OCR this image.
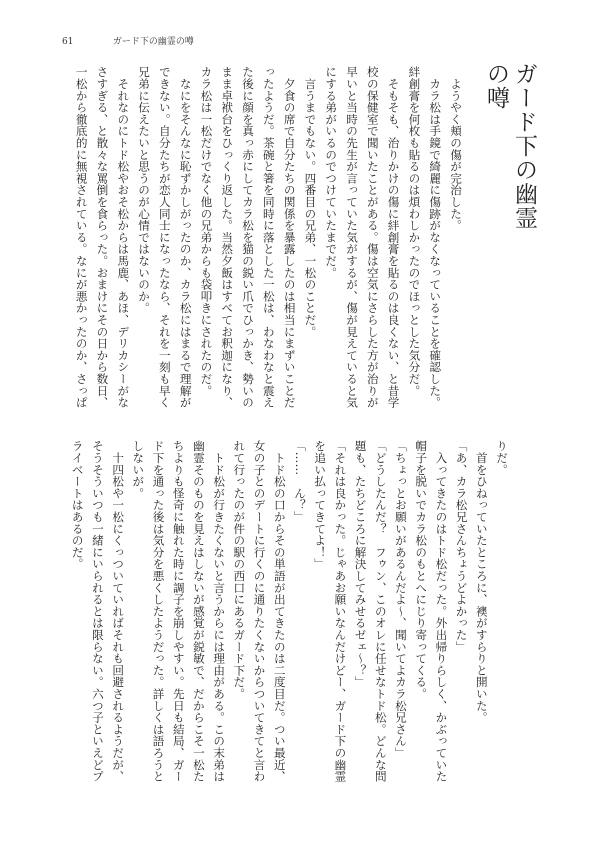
61	ガード下の幽霊の噂
ガード下の幽霊の噂
　ようやく頬の傷が完治した。
　カラ松は手鏡で綺麗に傷跡がなくなっていることを確認した。
絆創膏を何枚も貼るのは煩わしかったのでほっとした気分だ。
　そもそも、治りかけの傷に絆創膏を貼るのは良くない、と昔学
校の保健室で聞いたことがある。傷は空気にさらした方が治りが
早いと当時の先生が言っていた気がするが、傷が見えていると気
にする弟がいるのでつけていたまでだ。
　言うまでもない。四番目の兄弟、一松のことだ。
　夕食の席で自分たちの関係を暴露したのは相当にまずいことだ
ったようだ。茶碗と箸を同時に落とした一松は、わなわなと震え
た後に顔を真っ赤にしてカラ松を猫の鋭い爪でひっかき、勢いの
まま卓袱台をひっくり返した。当然夕飯はすべてお釈迦になり、
カラ松は一松だけでなく他の兄弟からも袋叩きにされたのだ。
　なにをそんなに恥ずかしがったのか、カラ松にはまるで理解が
できない。自分たちが恋人同士になったなら、それを一刻も早く
兄弟に伝えたいと思うのが心情ではないのか。
　それなのにトド松やおそ松からは馬鹿、あほ、デリカシーがな
さすぎる、と散々な罵倒を食らった。おまけにその日から数日、
一松から徹底的に無視されている。なにが悪かったのか、さっぱ
りだ。
　首をひねっていたところに、襖がすらりと開いた。
「あ、カラ松兄さんちょうどよかった」
　入ってきたのはトド松だった。外出帰りらしく、かぶっていた
帽子を脱いでカラ松のもとへにじり寄ってくる。
「ちょっとお願いがあるんだよ～、聞いてよカラ松兄さん」
「どうしたんだ？　フゥン、このオレに任せなトド松。どんな問
題も、たちどころに解決してみせるゼェ～？」
「それは良かった。じゃあお願いなんだけどー、ガード下の幽霊
を追い払ってきてよ！」
「……　ん？」
　トド松の口からその単語が出てきたのは二度目だ。つい最近、
女の子とのデートに行くのに通りたくないからついてきてと言わ
れて行ったのが件の駅の西口にあるガード下だ。
　トド松が行きたくないと言うからには理由がある。この末弟は
幽霊そのものを見えはしないが感覚が鋭敏で、だからこそ一松た
ちよりも怪奇に触れた時に調子を崩しやすい。先日も結局、ガー
ド下を通った後は気分を悪くしたようだった。詳しくは語ろうと
しないが。
　十四松や一松にくっついていればそれも回避されるようだが、
そうそういつも一緒にいられるとは限らない。六つ子といえどプ
ライベートはあるのだ。
